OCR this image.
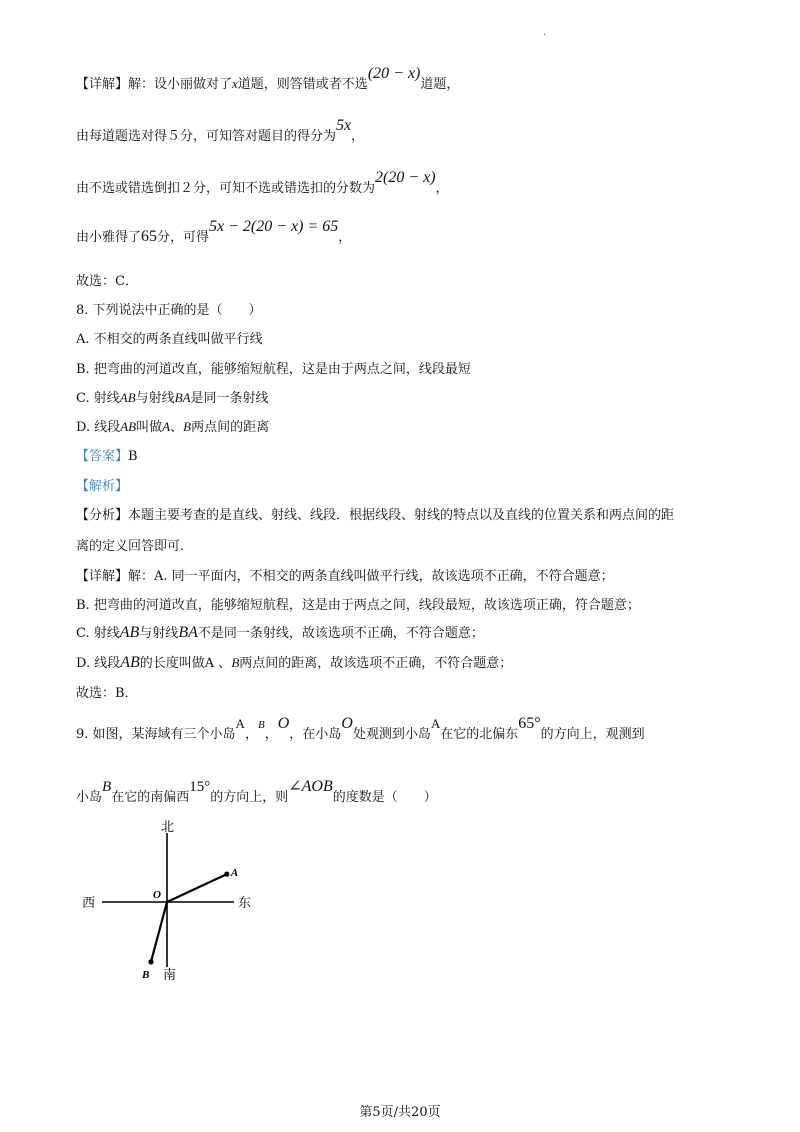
·
【详解】解：设小丽做对了x道题，则答错或者不选(20 − x)道题，
由每道题选对得５分，可知答对题目的得分为5x，
由不选或错选倒扣２分，可知不选或错选扣的分数为2(20 − x)，
由小雅得了65分，可得5x − 2(20 − x) = 65，
故选：C．
8. 下列说法中正确的是（　　）
A. 不相交的两条直线叫做平行线
B. 把弯曲的河道改直，能够缩短航程，这是由于两点之间，线段最短
C. 射线AB与射线BA是同一条射线
D. 线段AB叫做A、B两点间的距离
【答案】B
【解析】
【分析】本题主要考查的是直线、射线、线段．根据线段、射线的特点以及直线的位置关系和两点间的距
离的定义回答即可．
【详解】解：A. 同一平面内，不相交的两条直线叫做平行线，故该选项不正确，不符合题意；
B. 把弯曲的河道改直，能够缩短航程，这是由于两点之间，线段最短，故该选项正确，符合题意；
C. 射线AB与射线BA不是同一条射线，故该选项不正确，不符合题意；
D. 线段AB的长度叫做A 、B两点间的距离，故该选项不正确，不符合题意；
故选：B．
9. 如图，某海域有三个小岛A，$^B$，O，在小岛O处观测到小岛A在它的北偏东65°的方向上，观测到
小岛B在它的南偏西15°的方向上，则∠AOB的度数是（　　）
北
南
西	东
O
A
B
第5页/共20页
